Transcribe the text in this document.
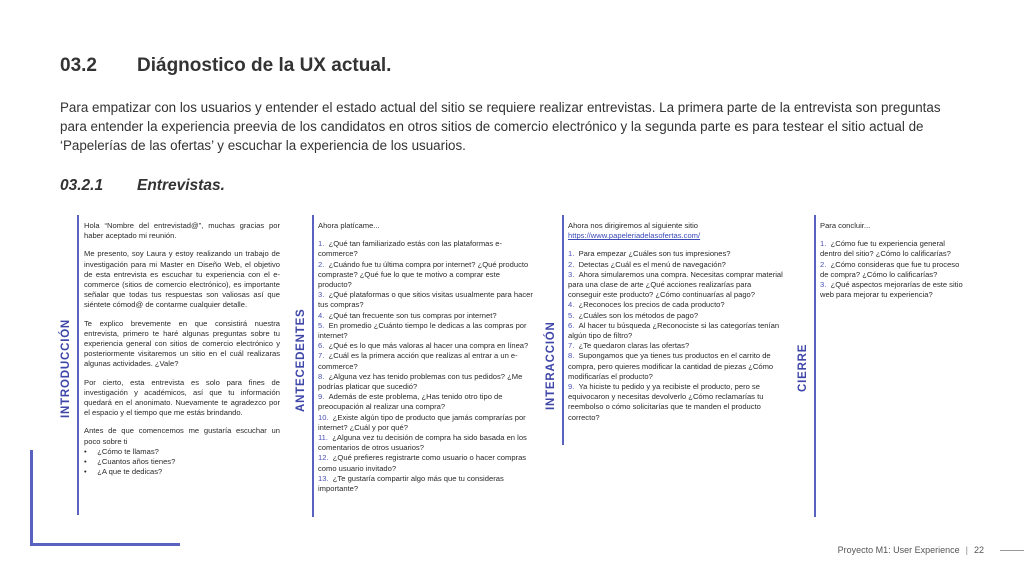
03.2 Diágnostico de la UX actual.

Para empatizar con los usuarios y entender el estado actual del sitio se requiere realizar entrevistas. La primera parte de la entrevista son preguntas para entender la experiencia preevia de los candidatos en otros sitios de comercio electrónico y la segunda parte es para testear el sitio actual de ‘Papelerías de las ofertas’ y escuchar la experiencia de los usuarios.

03.2.1 Entrevistas.
INTRODUCCIÓN

Hola “Nombre del entrevistad@”, muchas gracias por haber aceptado mi reunión.

Me presento, soy Laura y estoy realizando un trabajo de investigación para mi Master en Diseño Web, el objetivo de esta entrevista es escuchar tu experiencia con el e-commerce (sitios de comercio electrónico), es importante señalar que todas tus respuestas son valiosas así que siéntete cómod@ de contarme cualquier detalle.

Te explico brevemente en que consistirá nuestra entrevista, primero te haré algunas preguntas sobre tu experiencia general con sitios de comercio electrónico y posteriormente visitaremos un sitio en el cuál realizaras algunas actividades. ¿Vale?

Por cierto, esta entrevista es solo para fines de investigación y académicos, así que tu información quedará en el anonimato. Nuevamente te agradezco por el espacio y el tiempo que me estás brindando.

Antes de que comencemos me gustaría escuchar un poco sobre ti

• ¿Cómo te llamas?
• ¿Cuantos años tienes?
• ¿A que te dedicas?
ANTECEDENTES

Ahora platícame...

1. ¿Qué tan familiarizado estás con las plataformas e-commerce?
2. ¿Cuándo fue tu última compra por internet? ¿Qué producto compraste? ¿Qué fue lo que te motivo a comprar este producto?
3. ¿Qué plataformas o que sitios visitas usualmente para hacer tus compras?
4. ¿Qué tan frecuente son tus compras por internet?
5. En promedio ¿Cuánto tiempo le dedicas a las compras por internet?
6. ¿Qué es lo que más valoras al hacer una compra en línea?
7. ¿Cuál es la primera acción que realizas al entrar a un e-commerce?
8. ¿Alguna vez has tenido problemas con tus pedidos? ¿Me podrías platicar que sucedió?
9. Además de este problema, ¿Has tenido otro tipo de preocupación al realizar una compra?
10. ¿Existe algún tipo de producto que jamás comprarías por internet? ¿Cuál y por qué?
11. ¿Alguna vez tu decisión de compra ha sido basada en los comentarios de otros usuarios?
12. ¿Qué prefieres registrarte como usuario o hacer compras como usuario invitado?
13. ¿Te gustaría compartir algo más que tu consideras importante?
INTERACCIÓN

Ahora nos dirigiremos al siguiente sitio https://www.papeleriadelasofertas.com/

1. Para empezar ¿Cuáles son tus impresiones?
2. Detectas ¿Cuál es el menú de navegación?
3. Ahora simularemos una compra. Necesitas comprar material para una clase de arte ¿Qué acciones realizarías para conseguir este producto? ¿Cómo continuarías al pago?
4. ¿Reconoces los precios de cada producto?
5. ¿Cuáles son los métodos de pago?
6. Al hacer tu búsqueda ¿Reconociste si las categorías tenían algún tipo de filtro?
7. ¿Te quedaron claras las ofertas?
8. Supongamos que ya tienes tus productos en el carrito de compra, pero quieres modificar la cantidad de piezas ¿Cómo modificarías el producto?
9. Ya hiciste tu pedido y ya recibiste el producto, pero se equivocaron y necesitas devolverlo ¿Cómo reclamarías tu reembolso o cómo solicitarías que te manden el producto correcto?
CIERRE

Para concluir...

1. ¿Cómo fue tu experiencia general dentro del sitio? ¿Cómo lo calificarías?
2. ¿Cómo consideras que fue tu proceso de compra? ¿Cómo lo calificarías?
3. ¿Qué aspectos mejorarías de este sitio web para mejorar tu experiencia?
Proyecto M1: User Experience | 22
